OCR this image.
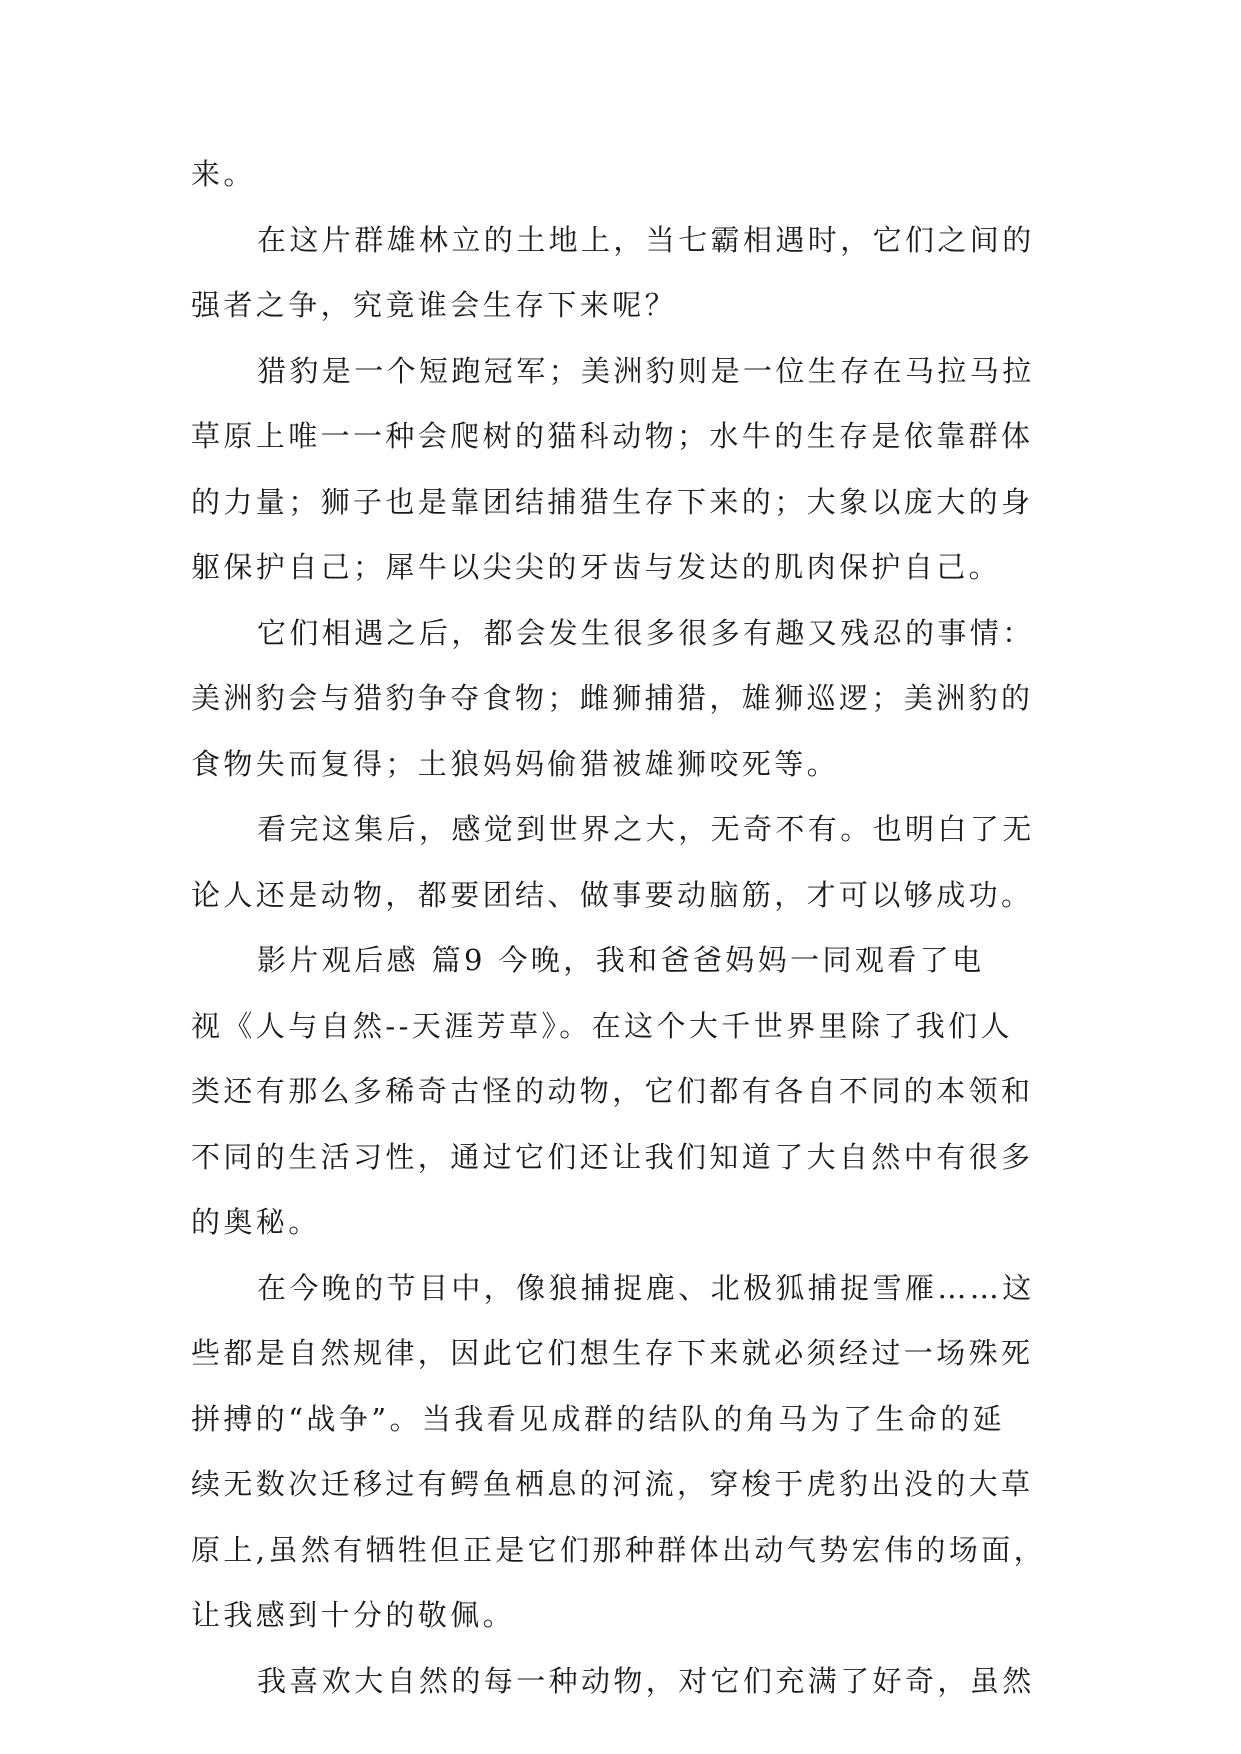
来。
在这片群雄林立的土地上，当七霸相遇时，它们之间的
强者之争，究竟谁会生存下来呢？
猎豹是一个短跑冠军；美洲豹则是一位生存在马拉马拉
草原上唯一一种会爬树的猫科动物；水牛的生存是依靠群体
的力量；狮子也是靠团结捕猎生存下来的；大象以庞大的身
躯保护自己；犀牛以尖尖的牙齿与发达的肌肉保护自己。
它们相遇之后，都会发生很多很多有趣又残忍的事情：
美洲豹会与猎豹争夺食物；雌狮捕猎，雄狮巡逻；美洲豹的
食物失而复得；土狼妈妈偷猎被雄狮咬死等。
看完这集后，感觉到世界之大，无奇不有。也明白了无
论人还是动物，都要团结、做事要动脑筋，才可以够成功。
影片观后感 篇9 今晚，我和爸爸妈妈一同观看了电
视《人与自然--天涯芳草》。在这个大千世界里除了我们人
类还有那么多稀奇古怪的动物，它们都有各自不同的本领和
不同的生活习性，通过它们还让我们知道了大自然中有很多
的奥秘。
在今晚的节目中，像狼捕捉鹿、北极狐捕捉雪雁……这
些都是自然规律，因此它们想生存下来就必须经过一场殊死
拼搏的“战争”。当我看见成群的结队的角马为了生命的延
续无数次迁移过有鳄鱼栖息的河流，穿梭于虎豹出没的大草
原上,虽然有牺牲但正是它们那种群体出动气势宏伟的场面，
让我感到十分的敬佩。
我喜欢大自然的每一种动物，对它们充满了好奇，虽然
